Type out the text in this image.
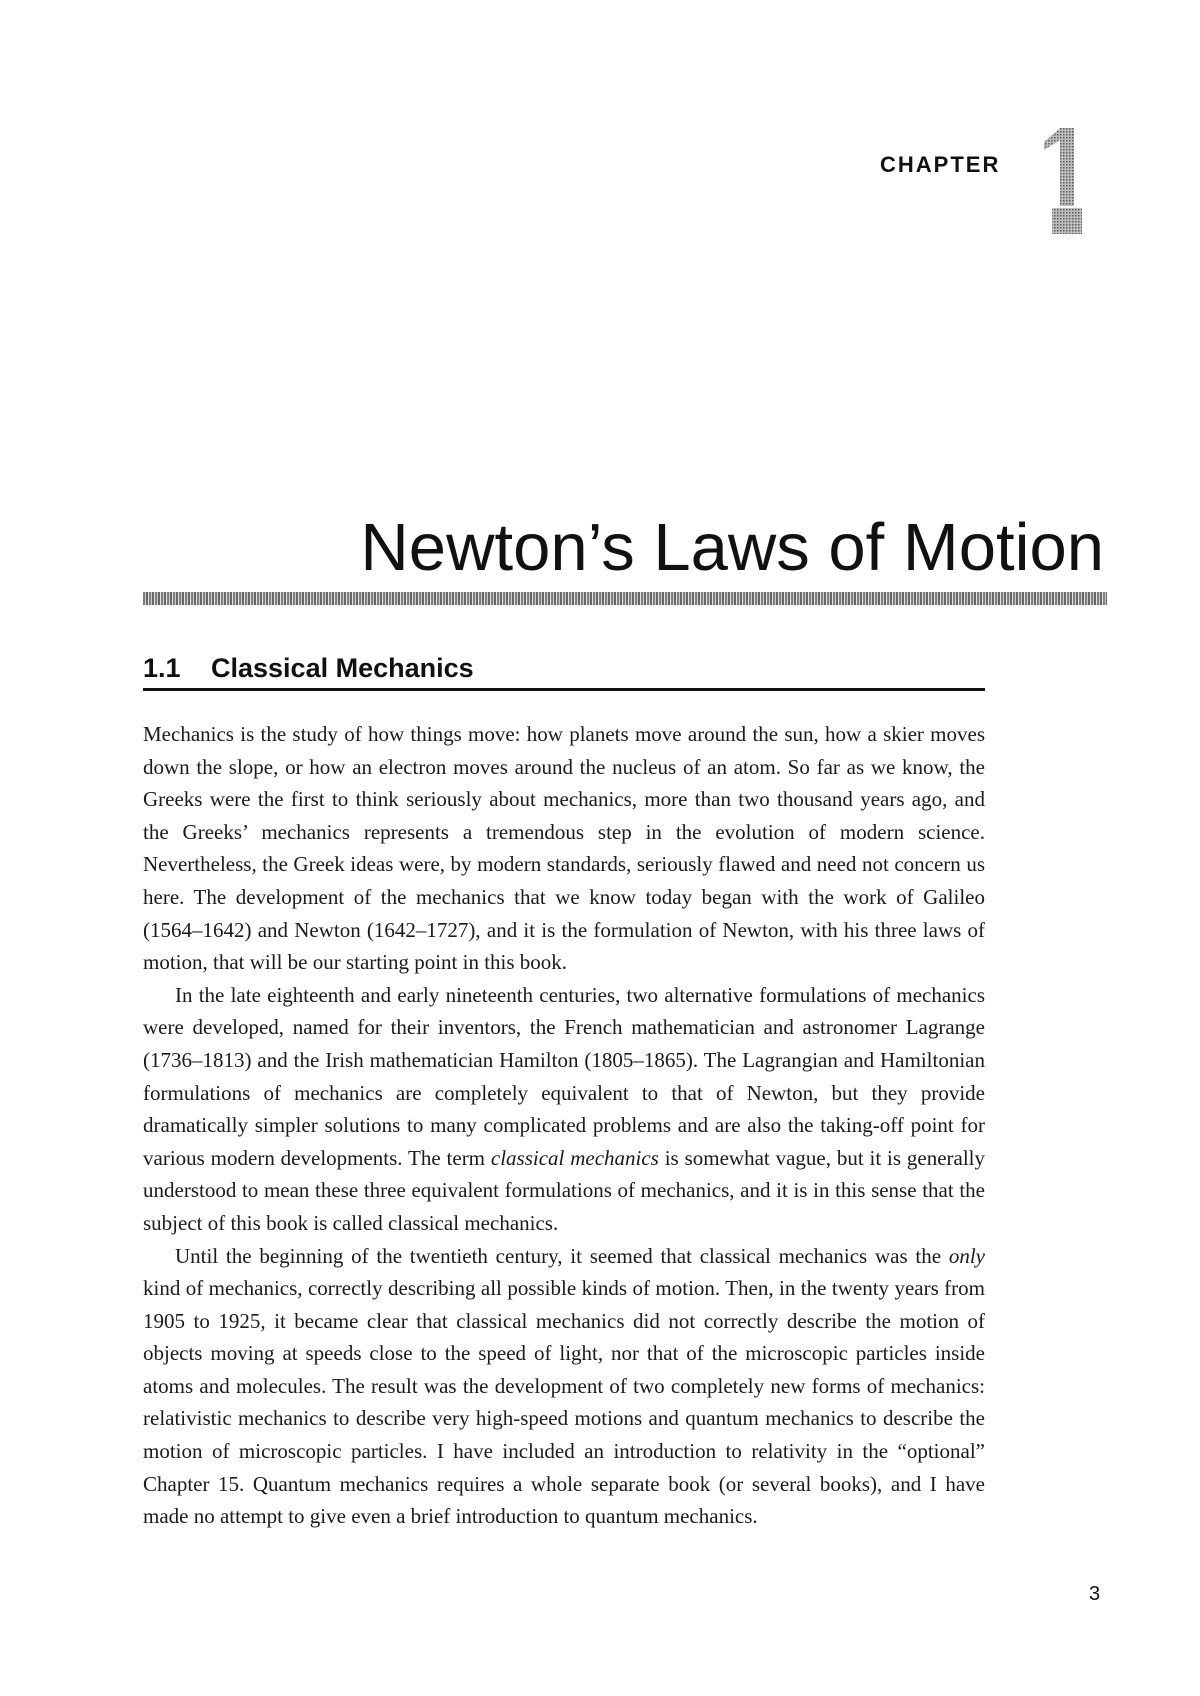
CHAPTER
Newton’s Laws of Motion
1.1 Classical Mechanics

Mechanics is the study of how things move: how planets move around the sun, how a skier moves down the slope, or how an electron moves around the nucleus of an atom. So far as we know, the Greeks were the first to think seriously about mechanics, more than two thousand years ago, and the Greeks’ mechanics represents a tremendous step in the evolution of modern science. Nevertheless, the Greek ideas were, by modern standards, seriously flawed and need not concern us here. The development of the mechanics that we know today began with the work of Galileo (1564–1642) and Newton (1642–1727), and it is the formulation of Newton, with his three laws of motion, that will be our starting point in this book.

In the late eighteenth and early nineteenth centuries, two alternative formulations of mechanics were developed, named for their inventors, the French mathematician and astronomer Lagrange (1736–1813) and the Irish mathematician Hamilton (1805–1865). The Lagrangian and Hamiltonian formulations of mechanics are completely equivalent to that of Newton, but they provide dramatically simpler solutions to many complicated problems and are also the taking-off point for various modern developments. The term classical mechanics is somewhat vague, but it is generally understood to mean these three equivalent formulations of mechanics, and it is in this sense that the subject of this book is called classical mechanics.

Until the beginning of the twentieth century, it seemed that classical mechanics was the only kind of mechanics, correctly describing all possible kinds of motion. Then, in the twenty years from 1905 to 1925, it became clear that classical mechanics did not correctly describe the motion of objects moving at speeds close to the speed of light, nor that of the microscopic particles inside atoms and molecules. The result was the development of two completely new forms of mechanics: relativistic mechanics to describe very high-speed motions and quantum mechanics to describe the motion of microscopic particles. I have included an introduction to relativity in the “optional” Chapter 15. Quantum mechanics requires a whole separate book (or several books), and I have made no attempt to give even a brief introduction to quantum mechanics.

3
